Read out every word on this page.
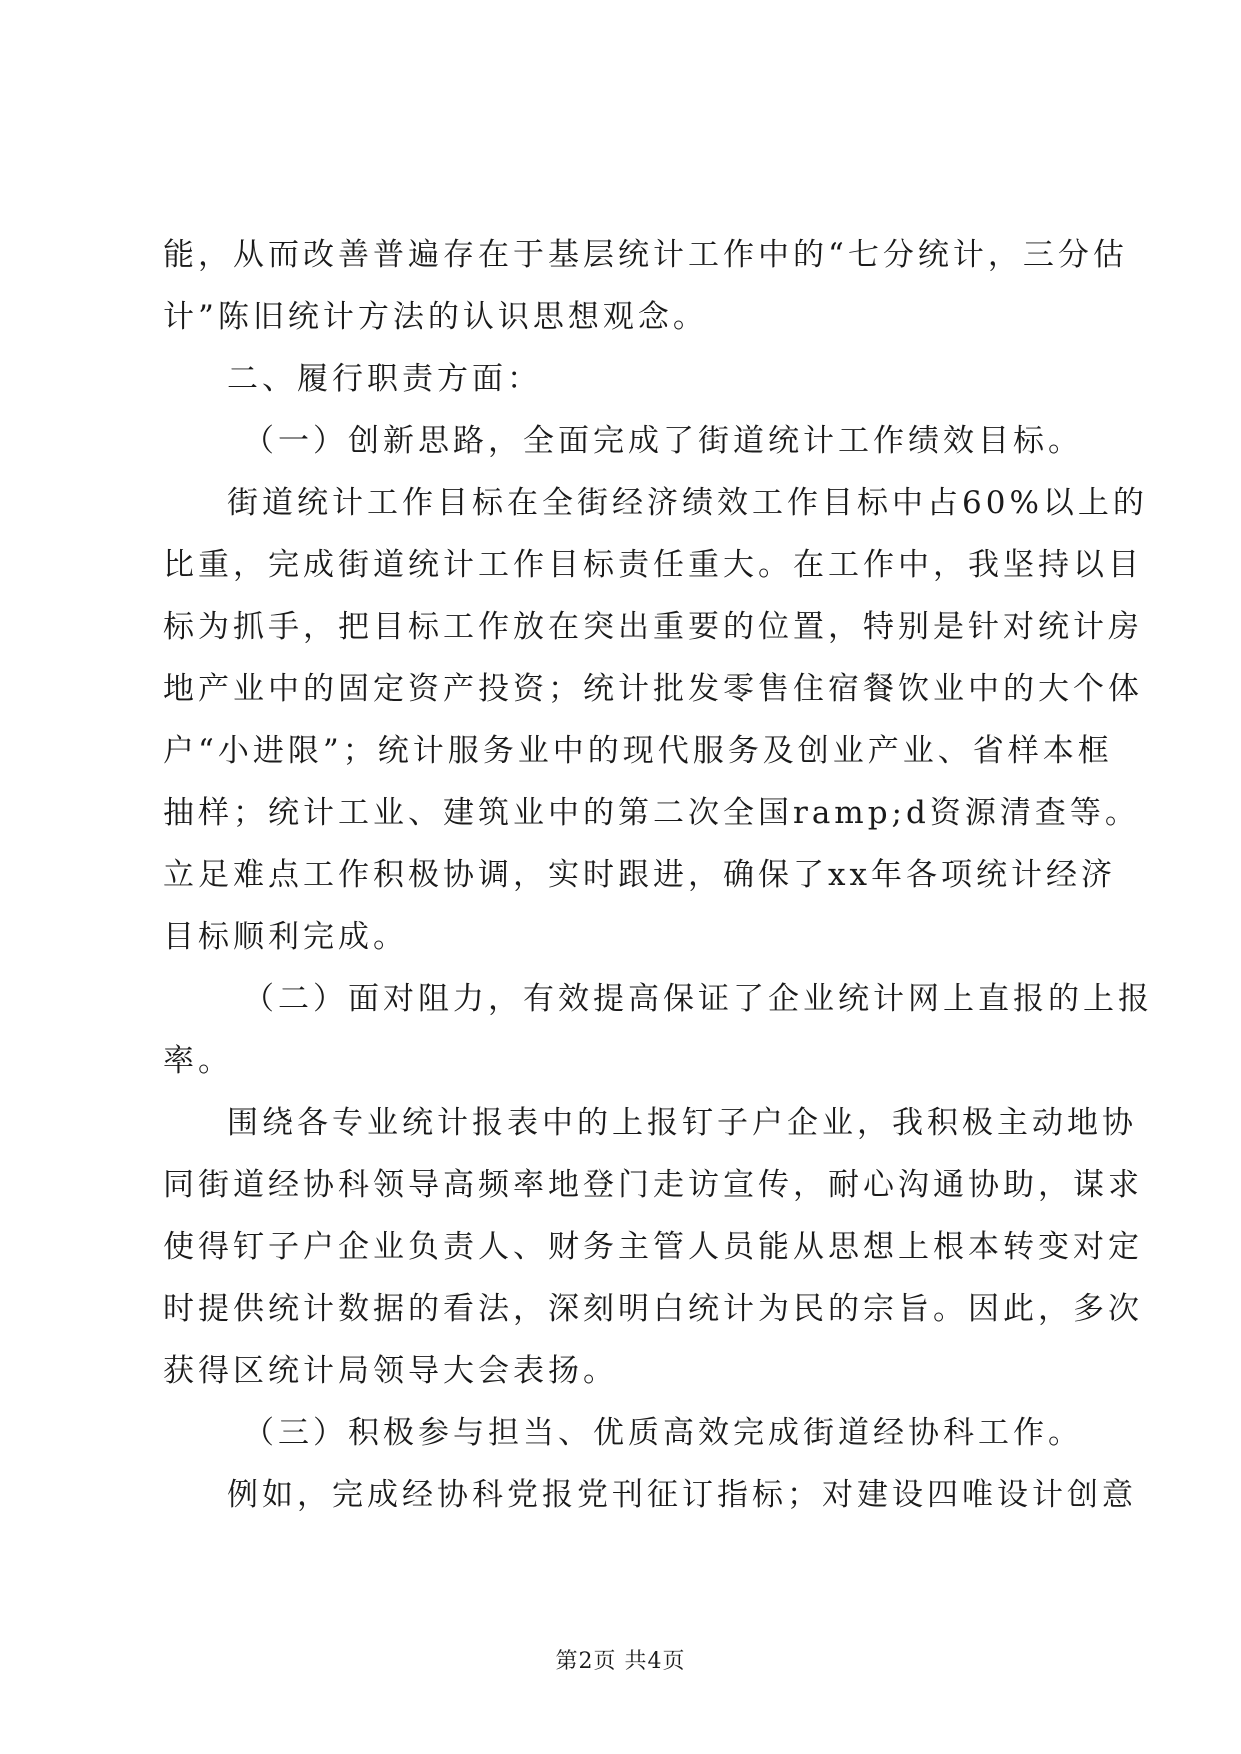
能，从而改善普遍存在于基层统计工作中的“七分统计，三分估

计”陈旧统计方法的认识思想观念。

二、履行职责方面：

（一）创新思路，全面完成了街道统计工作绩效目标。

街道统计工作目标在全街经济绩效工作目标中占60%以上的

比重，完成街道统计工作目标责任重大。在工作中，我坚持以目

标为抓手，把目标工作放在突出重要的位置，特别是针对统计房

地产业中的固定资产投资；统计批发零售住宿餐饮业中的大个体

户“小进限”；统计服务业中的现代服务及创业产业、省样本框

抽样；统计工业、建筑业中的第二次全国ramp;d资源清查等。

立足难点工作积极协调，实时跟进，确保了xx年各项统计经济

目标顺利完成。

（二）面对阻力，有效提高保证了企业统计网上直报的上报

率。

围绕各专业统计报表中的上报钉子户企业，我积极主动地协

同街道经协科领导高频率地登门走访宣传，耐心沟通协助，谋求

使得钉子户企业负责人、财务主管人员能从思想上根本转变对定

时提供统计数据的看法，深刻明白统计为民的宗旨。因此，多次

获得区统计局领导大会表扬。

（三）积极参与担当、优质高效完成街道经协科工作。

例如，完成经协科党报党刊征订指标；对建设四唯设计创意

第2页 共4页
